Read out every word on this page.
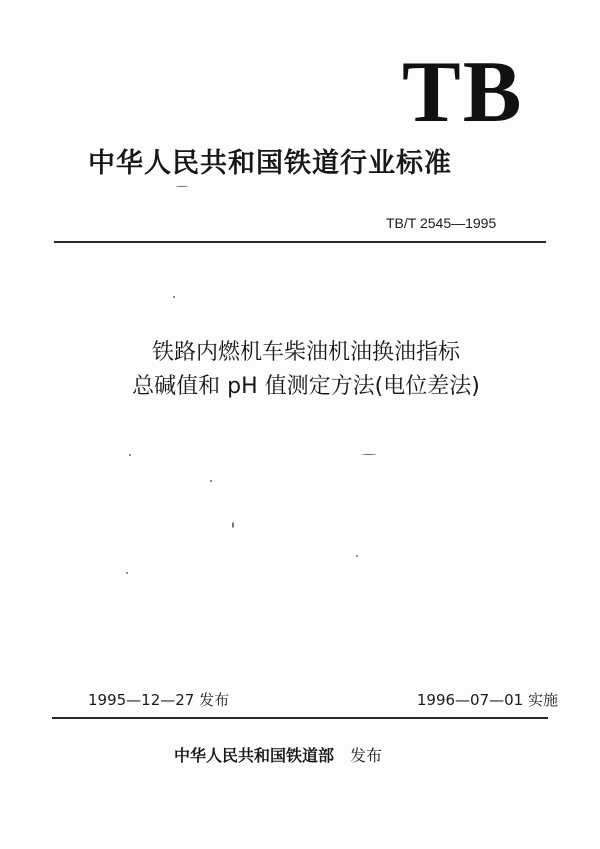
TB
中华人民共和国铁道行业标准
TB/T 2545—1995
铁路内燃机车柴油机油换油指标
总碱值和 pH 值测定方法(电位差法)
1995—12—27 发布	1996—07—01 实施
中华人民共和国铁道部 发布
